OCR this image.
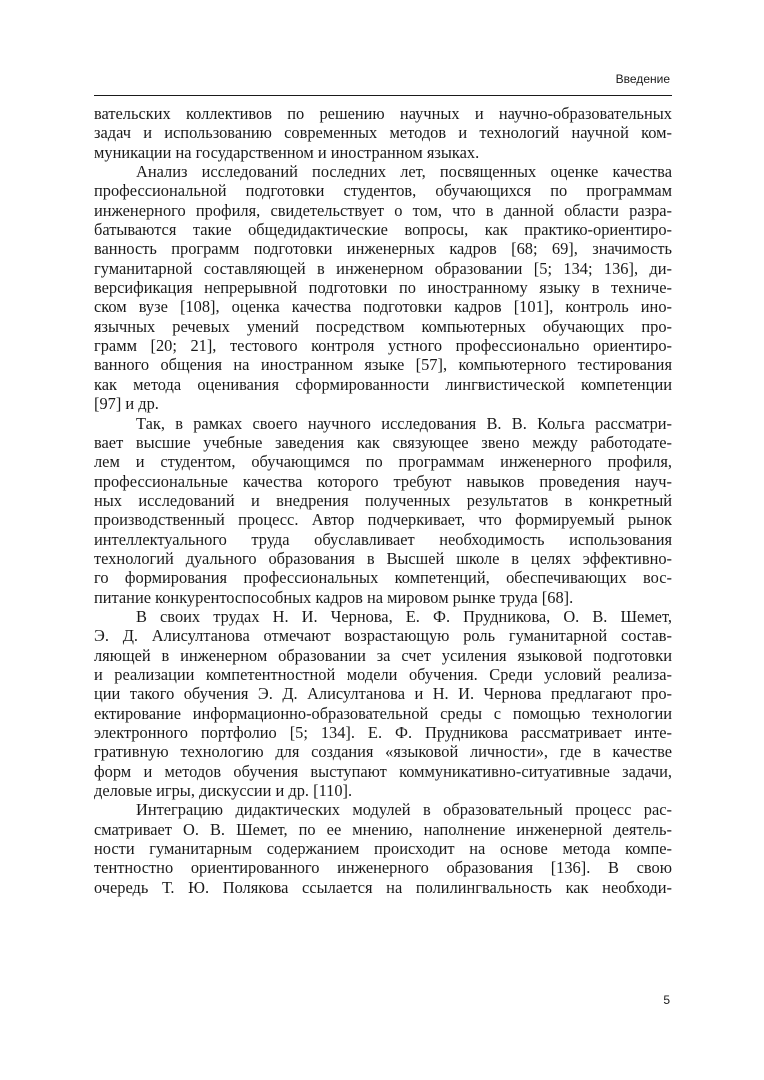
Введение

вательских коллективов по решению научных и научно-образовательных
задач и использованию современных методов и технологий научной ком-
муникации на государственном и иностранном языках.

Анализ исследований последних лет, посвященных оценке качества
профессиональной подготовки студентов, обучающихся по программам
инженерного профиля, свидетельствует о том, что в данной области разра-
батываются такие общедидактические вопросы, как практико-ориентиро-
ванность программ подготовки инженерных кадров [68; 69], значимость
гуманитарной составляющей в инженерном образовании [5; 134; 136], ди-
версификация непрерывной подготовки по иностранному языку в техниче-
ском вузе [108], оценка качества подготовки кадров [101], контроль ино-
язычных речевых умений посредством компьютерных обучающих про-
грамм [20; 21], тестового контроля устного профессионально ориентиро-
ванного общения на иностранном языке [57], компьютерного тестирования
как метода оценивания сформированности лингвистической компетенции
[97] и др.

Так, в рамках своего научного исследования В. В. Кольга рассматри-
вает высшие учебные заведения как связующее звено между работодате-
лем и студентом, обучающимся по программам инженерного профиля,
профессиональные качества которого требуют навыков проведения науч-
ных исследований и внедрения полученных результатов в конкретный
производственный процесс. Автор подчеркивает, что формируемый рынок
интеллектуального труда обуславливает необходимость использования
технологий дуального образования в Высшей школе в целях эффективно-
го формирования профессиональных компетенций, обеспечивающих вос-
питание конкурентоспособных кадров на мировом рынке труда [68].

В своих трудах Н. И. Чернова, Е. Ф. Прудникова, О. В. Шемет,
Э. Д. Алисултанова отмечают возрастающую роль гуманитарной состав-
ляющей в инженерном образовании за счет усиления языковой подготовки
и реализации компетентностной модели обучения. Среди условий реализа-
ции такого обучения Э. Д. Алисултанова и Н. И. Чернова предлагают про-
ектирование информационно-образовательной среды с помощью технологии
электронного портфолио [5; 134]. Е. Ф. Прудникова рассматривает инте-
гративную технологию для создания «языковой личности», где в качестве
форм и методов обучения выступают коммуникативно-ситуативные задачи,
деловые игры, дискуссии и др. [110].

Интеграцию дидактических модулей в образовательный процесс рас-
сматривает О. В. Шемет, по ее мнению, наполнение инженерной деятель-
ности гуманитарным содержанием происходит на основе метода компе-
тентностно ориентированного инженерного образования [136]. В свою
очередь Т. Ю. Полякова ссылается на полилингвальность как необходи-

5
